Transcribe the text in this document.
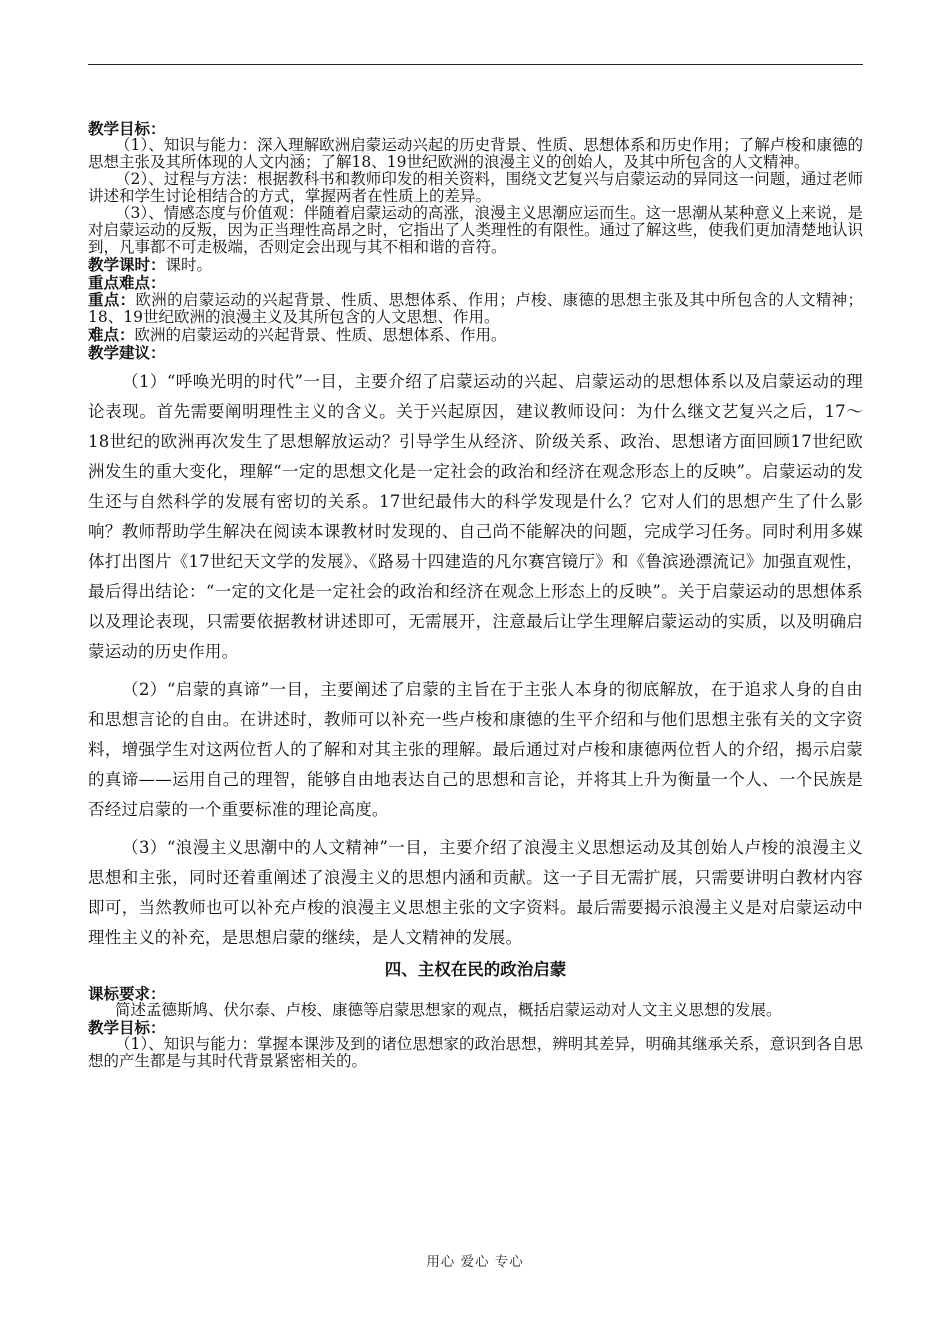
教学目标：

（1）、知识与能力：深入理解欧洲启蒙运动兴起的历史背景、性质、思想体系和历史作用；了解卢梭和康德的思想主张及其所体现的人文内涵；了解18、19世纪欧洲的浪漫主义的创始人，及其中所包含的人文精神。

（2）、过程与方法：根据教科书和教师印发的相关资料，围绕文艺复兴与启蒙运动的异同这一问题，通过老师讲述和学生讨论相结合的方式，掌握两者在性质上的差异。

（3）、情感态度与价值观：伴随着启蒙运动的高涨，浪漫主义思潮应运而生。这一思潮从某种意义上来说，是对启蒙运动的反叛，因为正当理性高昂之时，它指出了人类理性的有限性。通过了解这些，使我们更加清楚地认识到，凡事都不可走极端，否则定会出现与其不相和谐的音符。

教学课时：课时。

重点难点：

重点：欧洲的启蒙运动的兴起背景、性质、思想体系、作用；卢梭、康德的思想主张及其中所包含的人文精神；18、19世纪欧洲的浪漫主义及其所包含的人文思想、作用。

难点：欧洲的启蒙运动的兴起背景、性质、思想体系、作用。

教学建议：

（1）“呼唤光明的时代”一目，主要介绍了启蒙运动的兴起、启蒙运动的思想体系以及启蒙运动的理论表现。首先需要阐明理性主义的含义。关于兴起原因，建议教师设问：为什么继文艺复兴之后，17～18世纪的欧洲再次发生了思想解放运动？引导学生从经济、阶级关系、政治、思想诸方面回顾17世纪欧洲发生的重大变化，理解“一定的思想文化是一定社会的政治和经济在观念形态上的反映”。启蒙运动的发生还与自然科学的发展有密切的关系。17世纪最伟大的科学发现是什么？它对人们的思想产生了什么影响？教师帮助学生解决在阅读本课教材时发现的、自己尚不能解决的问题，完成学习任务。同时利用多媒体打出图片《17世纪天文学的发展》、《路易十四建造的凡尔赛宫镜厅》和《鲁滨逊漂流记》加强直观性，最后得出结论：“一定的文化是一定社会的政治和经济在观念上形态上的反映”。关于启蒙运动的思想体系以及理论表现，只需要依据教材讲述即可，无需展开，注意最后让学生理解启蒙运动的实质，以及明确启蒙运动的历史作用。

（2）“启蒙的真谛”一目，主要阐述了启蒙的主旨在于主张人本身的彻底解放，在于追求人身的自由和思想言论的自由。在讲述时，教师可以补充一些卢梭和康德的生平介绍和与他们思想主张有关的文字资料，增强学生对这两位哲人的了解和对其主张的理解。最后通过对卢梭和康德两位哲人的介绍，揭示启蒙的真谛——运用自己的理智，能够自由地表达自己的思想和言论，并将其上升为衡量一个人、一个民族是否经过启蒙的一个重要标准的理论高度。

（3）“浪漫主义思潮中的人文精神”一目，主要介绍了浪漫主义思想运动及其创始人卢梭的浪漫主义思想和主张，同时还着重阐述了浪漫主义的思想内涵和贡献。这一子目无需扩展，只需要讲明白教材内容即可，当然教师也可以补充卢梭的浪漫主义思想主张的文字资料。最后需要揭示浪漫主义是对启蒙运动中理性主义的补充，是思想启蒙的继续，是人文精神的发展。

四、主权在民的政治启蒙

课标要求：

简述孟德斯鸠、伏尔泰、卢梭、康德等启蒙思想家的观点，概括启蒙运动对人文主义思想的发展。

教学目标：

（1）、知识与能力：掌握本课涉及到的诸位思想家的政治思想，辨明其差异，明确其继承关系，意识到各自思想的产生都是与其时代背景紧密相关的。

用心 爱心 专心
